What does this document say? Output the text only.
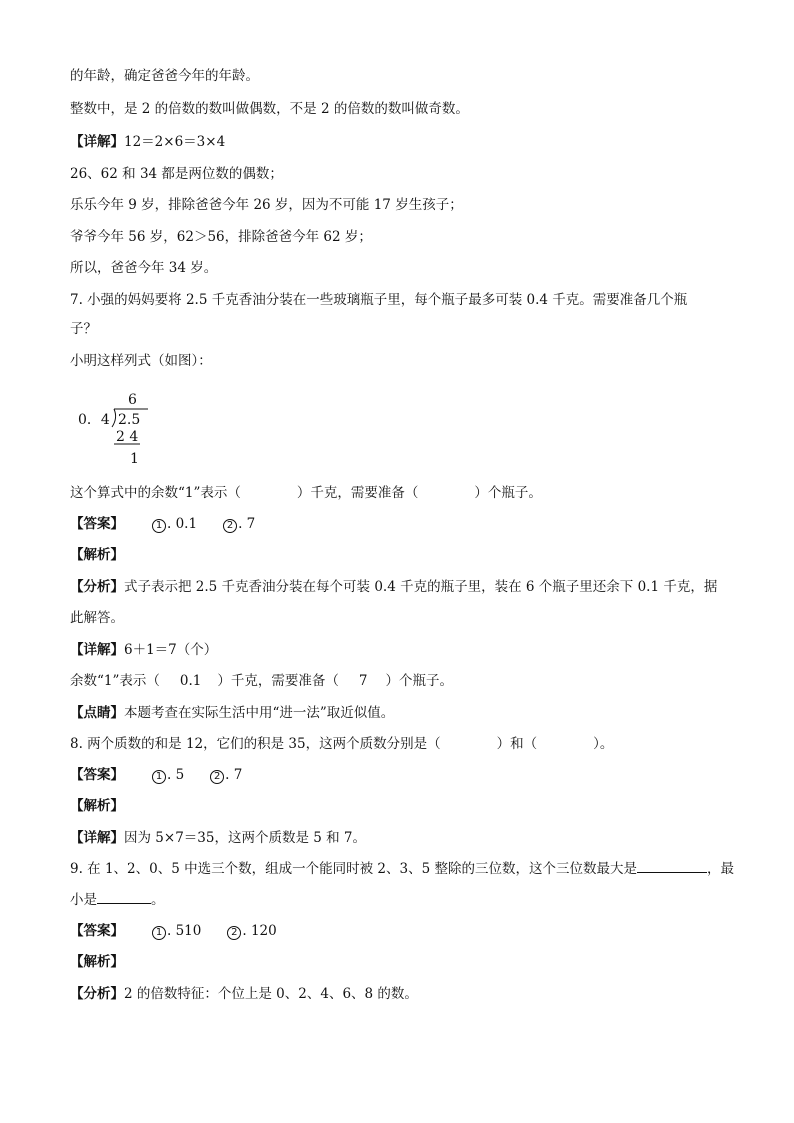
的年龄，确定爸爸今年的年龄。
整数中，是 2 的倍数的数叫做偶数，不是 2 的倍数的数叫做奇数。
【详解】12＝2×6＝3×4
26、62 和 34 都是两位数的偶数；
乐乐今年 9 岁，排除爸爸今年 26 岁，因为不可能 17 岁生孩子；
爷爷今年 56 岁，62＞56，排除爸爸今年 62 岁；
所以，爸爸今年 34 岁。
7. 小强的妈妈要将 2.5 千克香油分装在一些玻璃瓶子里，每个瓶子最多可装 0.4 千克。需要准备几个瓶
子？
小明这样列式（如图）：
6
0．4 2.5
2 4
1
这个算式中的余数“1”表示（	）千克，需要准备（	）个瓶子。
【答案】	1 . 0.1	2 . 7
【解析】
【分析】式子表示把 2.5 千克香油分装在每个可装 0.4 千克的瓶子里，装在 6 个瓶子里还余下 0.1 千克，据
此解答。
【详解】6＋1＝7（个）
余数“1”表示（ 0.1 ）千克，需要准备（ 7 ）个瓶子。
【点睛】本题考查在实际生活中用“进一法”取近似值。
8. 两个质数的和是 12，它们的积是 35，这两个质数分别是（	）和（	）。
【答案】	1 . 5	2 . 7
【解析】
【详解】因为 5×7＝35，这两个质数是 5 和 7。
9. 在 1、2、0、5 中选三个数，组成一个能同时被 2、3、5 整除的三位数，这个三位数最大是	，最
小是	。
【答案】	1 . 510	2 . 120
【解析】
【分析】2 的倍数特征：个位上是 0、2、4、6、8 的数。
